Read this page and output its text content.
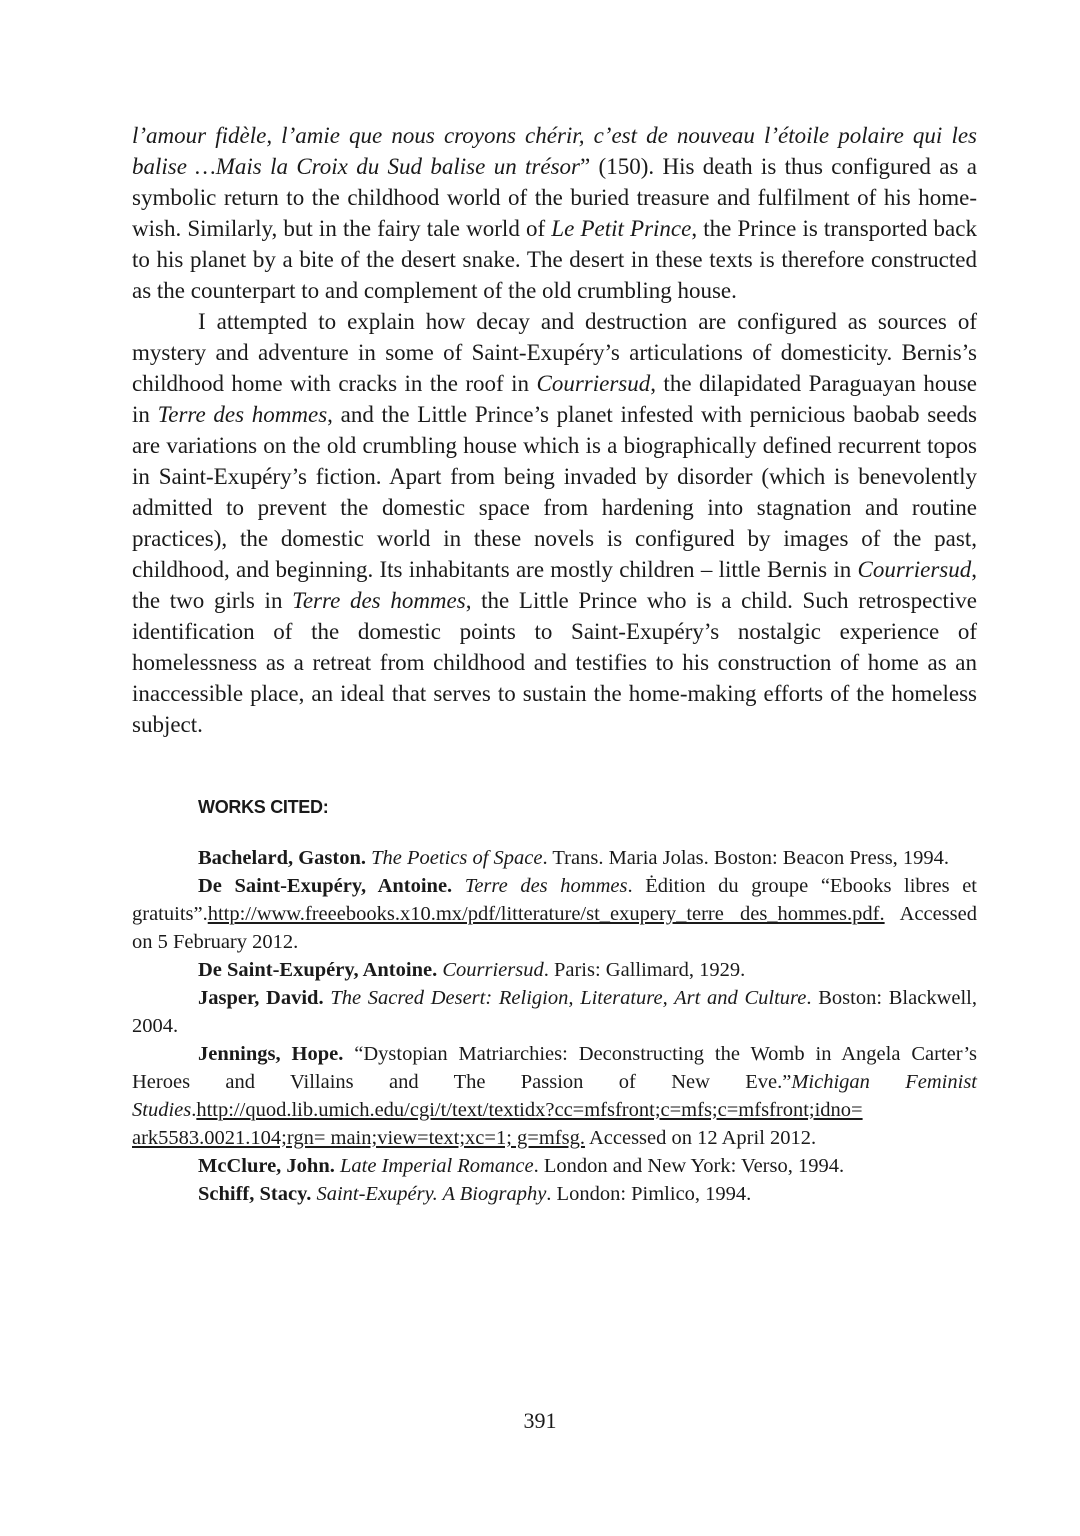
l’amour fidèle, l’amie que nous croyons chérir, c’est de nouveau l’étoile polaire qui les balise …Mais la Croix du Sud balise un trésor” (150). His death is thus configured as a symbolic return to the childhood world of the buried treasure and fulfilment of his home-wish. Similarly, but in the fairy tale world of Le Petit Prince, the Prince is transported back to his planet by a bite of the desert snake. The desert in these texts is therefore constructed as the counterpart to and complement of the old crumbling house.

I attempted to explain how decay and destruction are configured as sources of mystery and adventure in some of Saint-Exupéry’s articulations of domesticity. Bernis’s childhood home with cracks in the roof in Courriersud, the dilapidated Paraguayan house in Terre des hommes, and the Little Prince’s planet infested with pernicious baobab seeds are variations on the old crumbling house which is a biographically defined recurrent topos in Saint-Exupéry’s fiction. Apart from being invaded by disorder (which is benevolently admitted to prevent the domestic space from hardening into stagnation and routine practices), the domestic world in these novels is configured by images of the past, childhood, and beginning. Its inhabitants are mostly children – little Bernis in Courriersud, the two girls in Terre des hommes, the Little Prince who is a child. Such retrospective identification of the domestic points to Saint-Exupéry’s nostalgic experience of homelessness as a retreat from childhood and testifies to his construction of home as an inaccessible place, an ideal that serves to sustain the home-making efforts of the homeless subject.

WORKS CITED:

Bachelard, Gaston. The Poetics of Space. Trans. Maria Jolas. Boston: Beacon Press, 1994.

De Saint-Exupéry, Antoine. Terre des hommes. Ėdition du groupe “Ebooks libres et gratuits”.http://www.freeebooks.x10.mx/pdf/litterature/st_exupery_terre des_hommes.pdf. Accessed on 5 February 2012.

De Saint-Exupéry, Antoine. Courriersud. Paris: Gallimard, 1929.

Jasper, David. The Sacred Desert: Religion, Literature, Art and Culture. Boston: Blackwell, 2004.

Jennings, Hope. “Dystopian Matriarchies: Deconstructing the Womb in Angela Carter’s Heroes and Villains and The Passion of New Eve.”Michigan Feminist Studies.http://quod.lib.umich.edu/cgi/t/text/textidx?cc=mfsfront;c=mfs;c=mfsfront;idno= ark5583.0021.104;rgn= main;view=text;xc=1; g=mfsg. Accessed on 12 April 2012.

McClure, John. Late Imperial Romance. London and New York: Verso, 1994.

Schiff, Stacy. Saint-Exupéry. A Biography. London: Pimlico, 1994.

391
